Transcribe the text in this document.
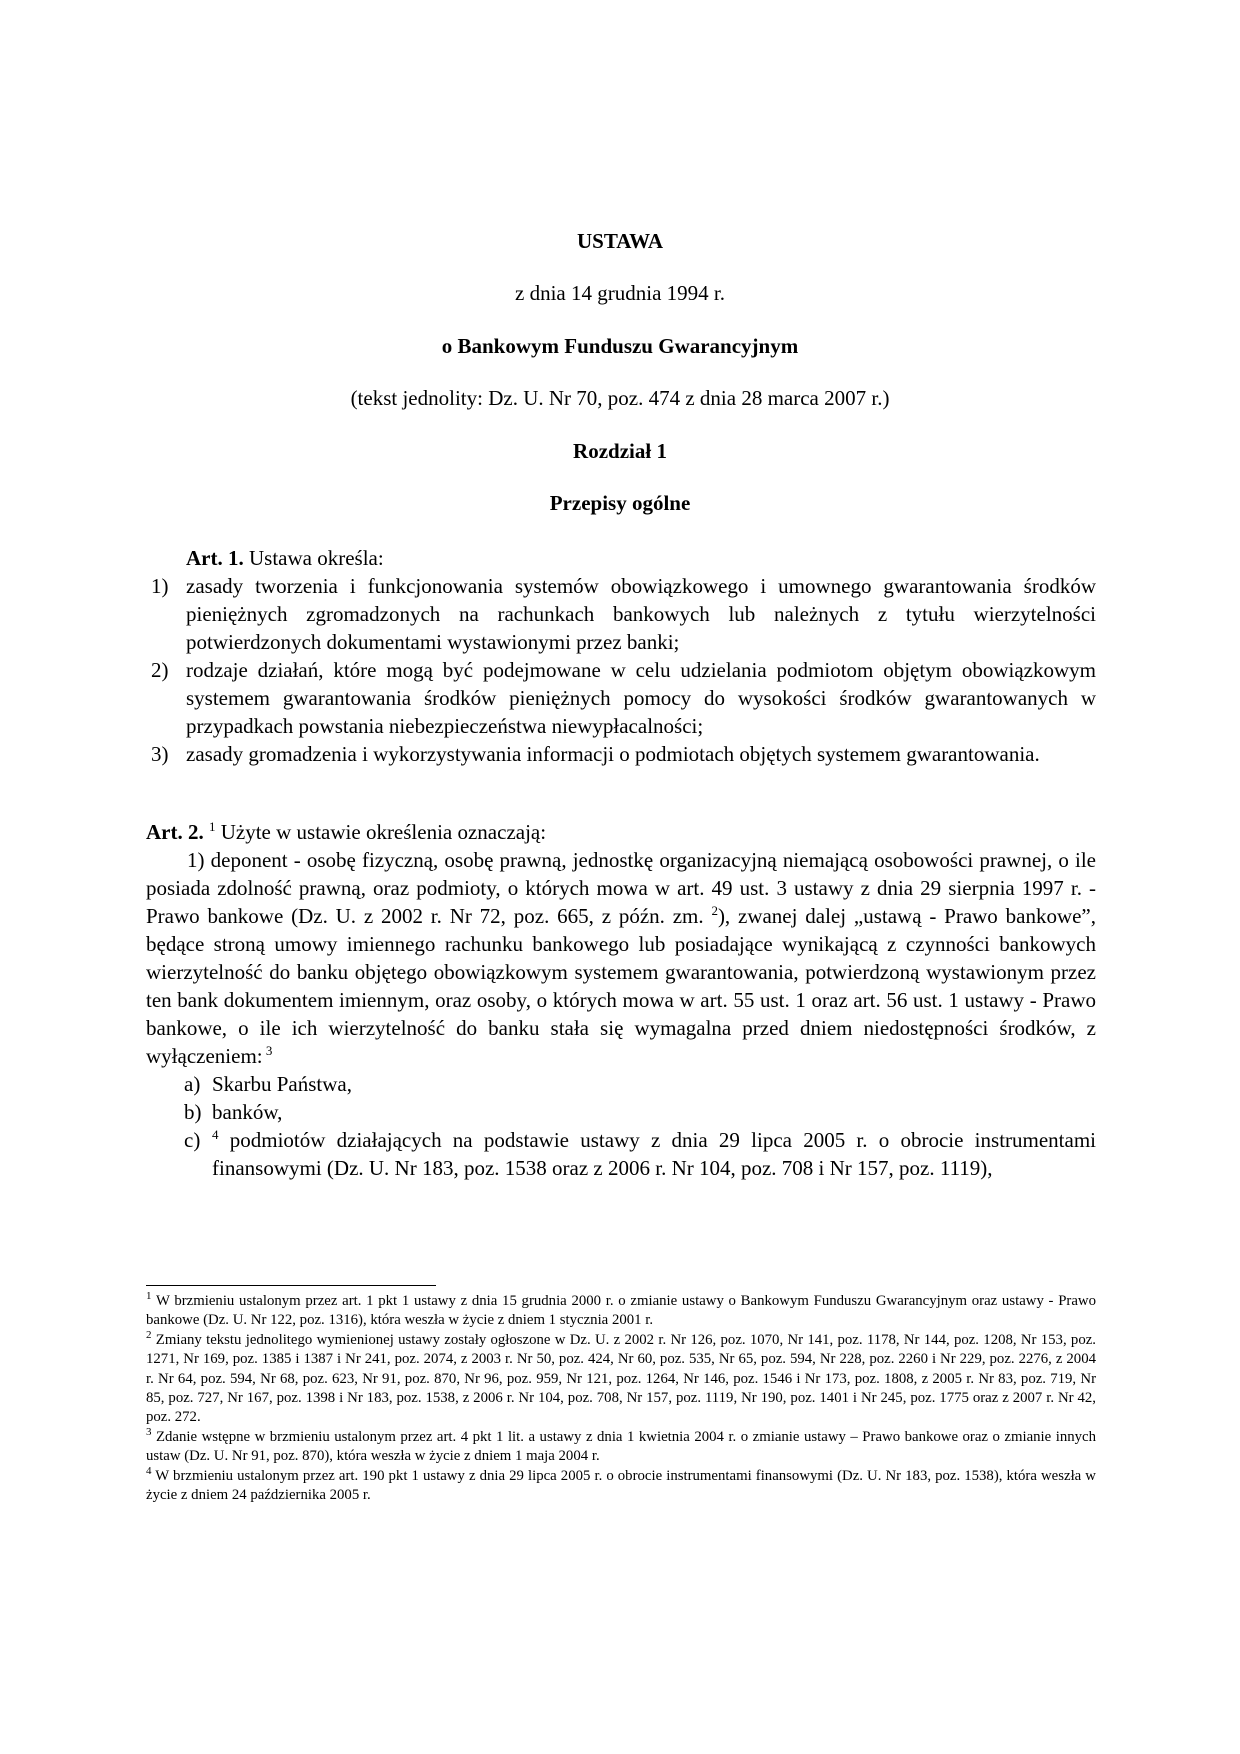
USTAWA
z dnia 14 grudnia 1994 r.
o Bankowym Funduszu Gwarancyjnym
(tekst jednolity: Dz. U. Nr 70, poz. 474 z dnia 28 marca 2007 r.)
Rozdział 1
Przepisy ogólne
Art. 1. Ustawa określa:
1) zasady tworzenia i funkcjonowania systemów obowiązkowego i umownego gwarantowania środków pieniężnych zgromadzonych na rachunkach bankowych lub należnych z tytułu wierzytelności potwierdzonych dokumentami wystawionymi przez banki;
2) rodzaje działań, które mogą być podejmowane w celu udzielania podmiotom objętym obowiązkowym systemem gwarantowania środków pieniężnych pomocy do wysokości środków gwarantowanych w przypadkach powstania niebezpieczeństwa niewypłacalności;
3) zasady gromadzenia i wykorzystywania informacji o podmiotach objętych systemem gwarantowania.

Art. 2. $^1$ Użyte w ustawie określenia oznaczają:

1) deponent - osobę fizyczną, osobę prawną, jednostkę organizacyjną niemającą osobowości prawnej, o ile posiada zdolność prawną, oraz podmioty, o których mowa w art. 49 ust. 3 ustawy z dnia 29 sierpnia 1997 r. - Prawo bankowe (Dz. U. z 2002 r. Nr 72, poz. 665, z późn. zm. $^2$), zwanej dalej „ustawą - Prawo bankowe”, będące stroną umowy imiennego rachunku bankowego lub posiadające wynikającą z czynności bankowych wierzytelność do banku objętego obowiązkowym systemem gwarantowania, potwierdzoną wystawionym przez ten bank dokumentem imiennym, oraz osoby, o których mowa w art. 55 ust. 1 oraz art. 56 ust. 1 ustawy - Prawo bankowe, o ile ich wierzytelność do banku stała się wymagalna przed dniem niedostępności środków, z wyłączeniem: $^3$

a) Skarbu Państwa,
b) banków,
c) $^4$ podmiotów działających na podstawie ustawy z dnia 29 lipca 2005 r. o obrocie instrumentami finansowymi (Dz. U. Nr 183, poz. 1538 oraz z 2006 r. Nr 104, poz. 708 i Nr 157, poz. 1119),

$^1$ W brzmieniu ustalonym przez art. 1 pkt 1 ustawy z dnia 15 grudnia 2000 r. o zmianie ustawy o Bankowym Funduszu Gwarancyjnym oraz ustawy - Prawo bankowe (Dz. U. Nr 122, poz. 1316), która weszła w życie z dniem 1 stycznia 2001 r.

$^2$ Zmiany tekstu jednolitego wymienionej ustawy zostały ogłoszone w Dz. U. z 2002 r. Nr 126, poz. 1070, Nr 141, poz. 1178, Nr 144, poz. 1208, Nr 153, poz. 1271, Nr 169, poz. 1385 i 1387 i Nr 241, poz. 2074, z 2003 r. Nr 50, poz. 424, Nr 60, poz. 535, Nr 65, poz. 594, Nr 228, poz. 2260 i Nr 229, poz. 2276, z 2004 r. Nr 64, poz. 594, Nr 68, poz. 623, Nr 91, poz. 870, Nr 96, poz. 959, Nr 121, poz. 1264, Nr 146, poz. 1546 i Nr 173, poz. 1808, z 2005 r. Nr 83, poz. 719, Nr 85, poz. 727, Nr 167, poz. 1398 i Nr 183, poz. 1538, z 2006 r. Nr 104, poz. 708, Nr 157, poz. 1119, Nr 190, poz. 1401 i Nr 245, poz. 1775 oraz z 2007 r. Nr 42, poz. 272.

$^3$ Zdanie wstępne w brzmieniu ustalonym przez art. 4 pkt 1 lit. a ustawy z dnia 1 kwietnia 2004 r. o zmianie ustawy – Prawo bankowe oraz o zmianie innych ustaw (Dz. U. Nr 91, poz. 870), która weszła w życie z dniem 1 maja 2004 r.

$^4$ W brzmieniu ustalonym przez art. 190 pkt 1 ustawy z dnia 29 lipca 2005 r. o obrocie instrumentami finansowymi (Dz. U. Nr 183, poz. 1538), która weszła w życie z dniem 24 października 2005 r.
